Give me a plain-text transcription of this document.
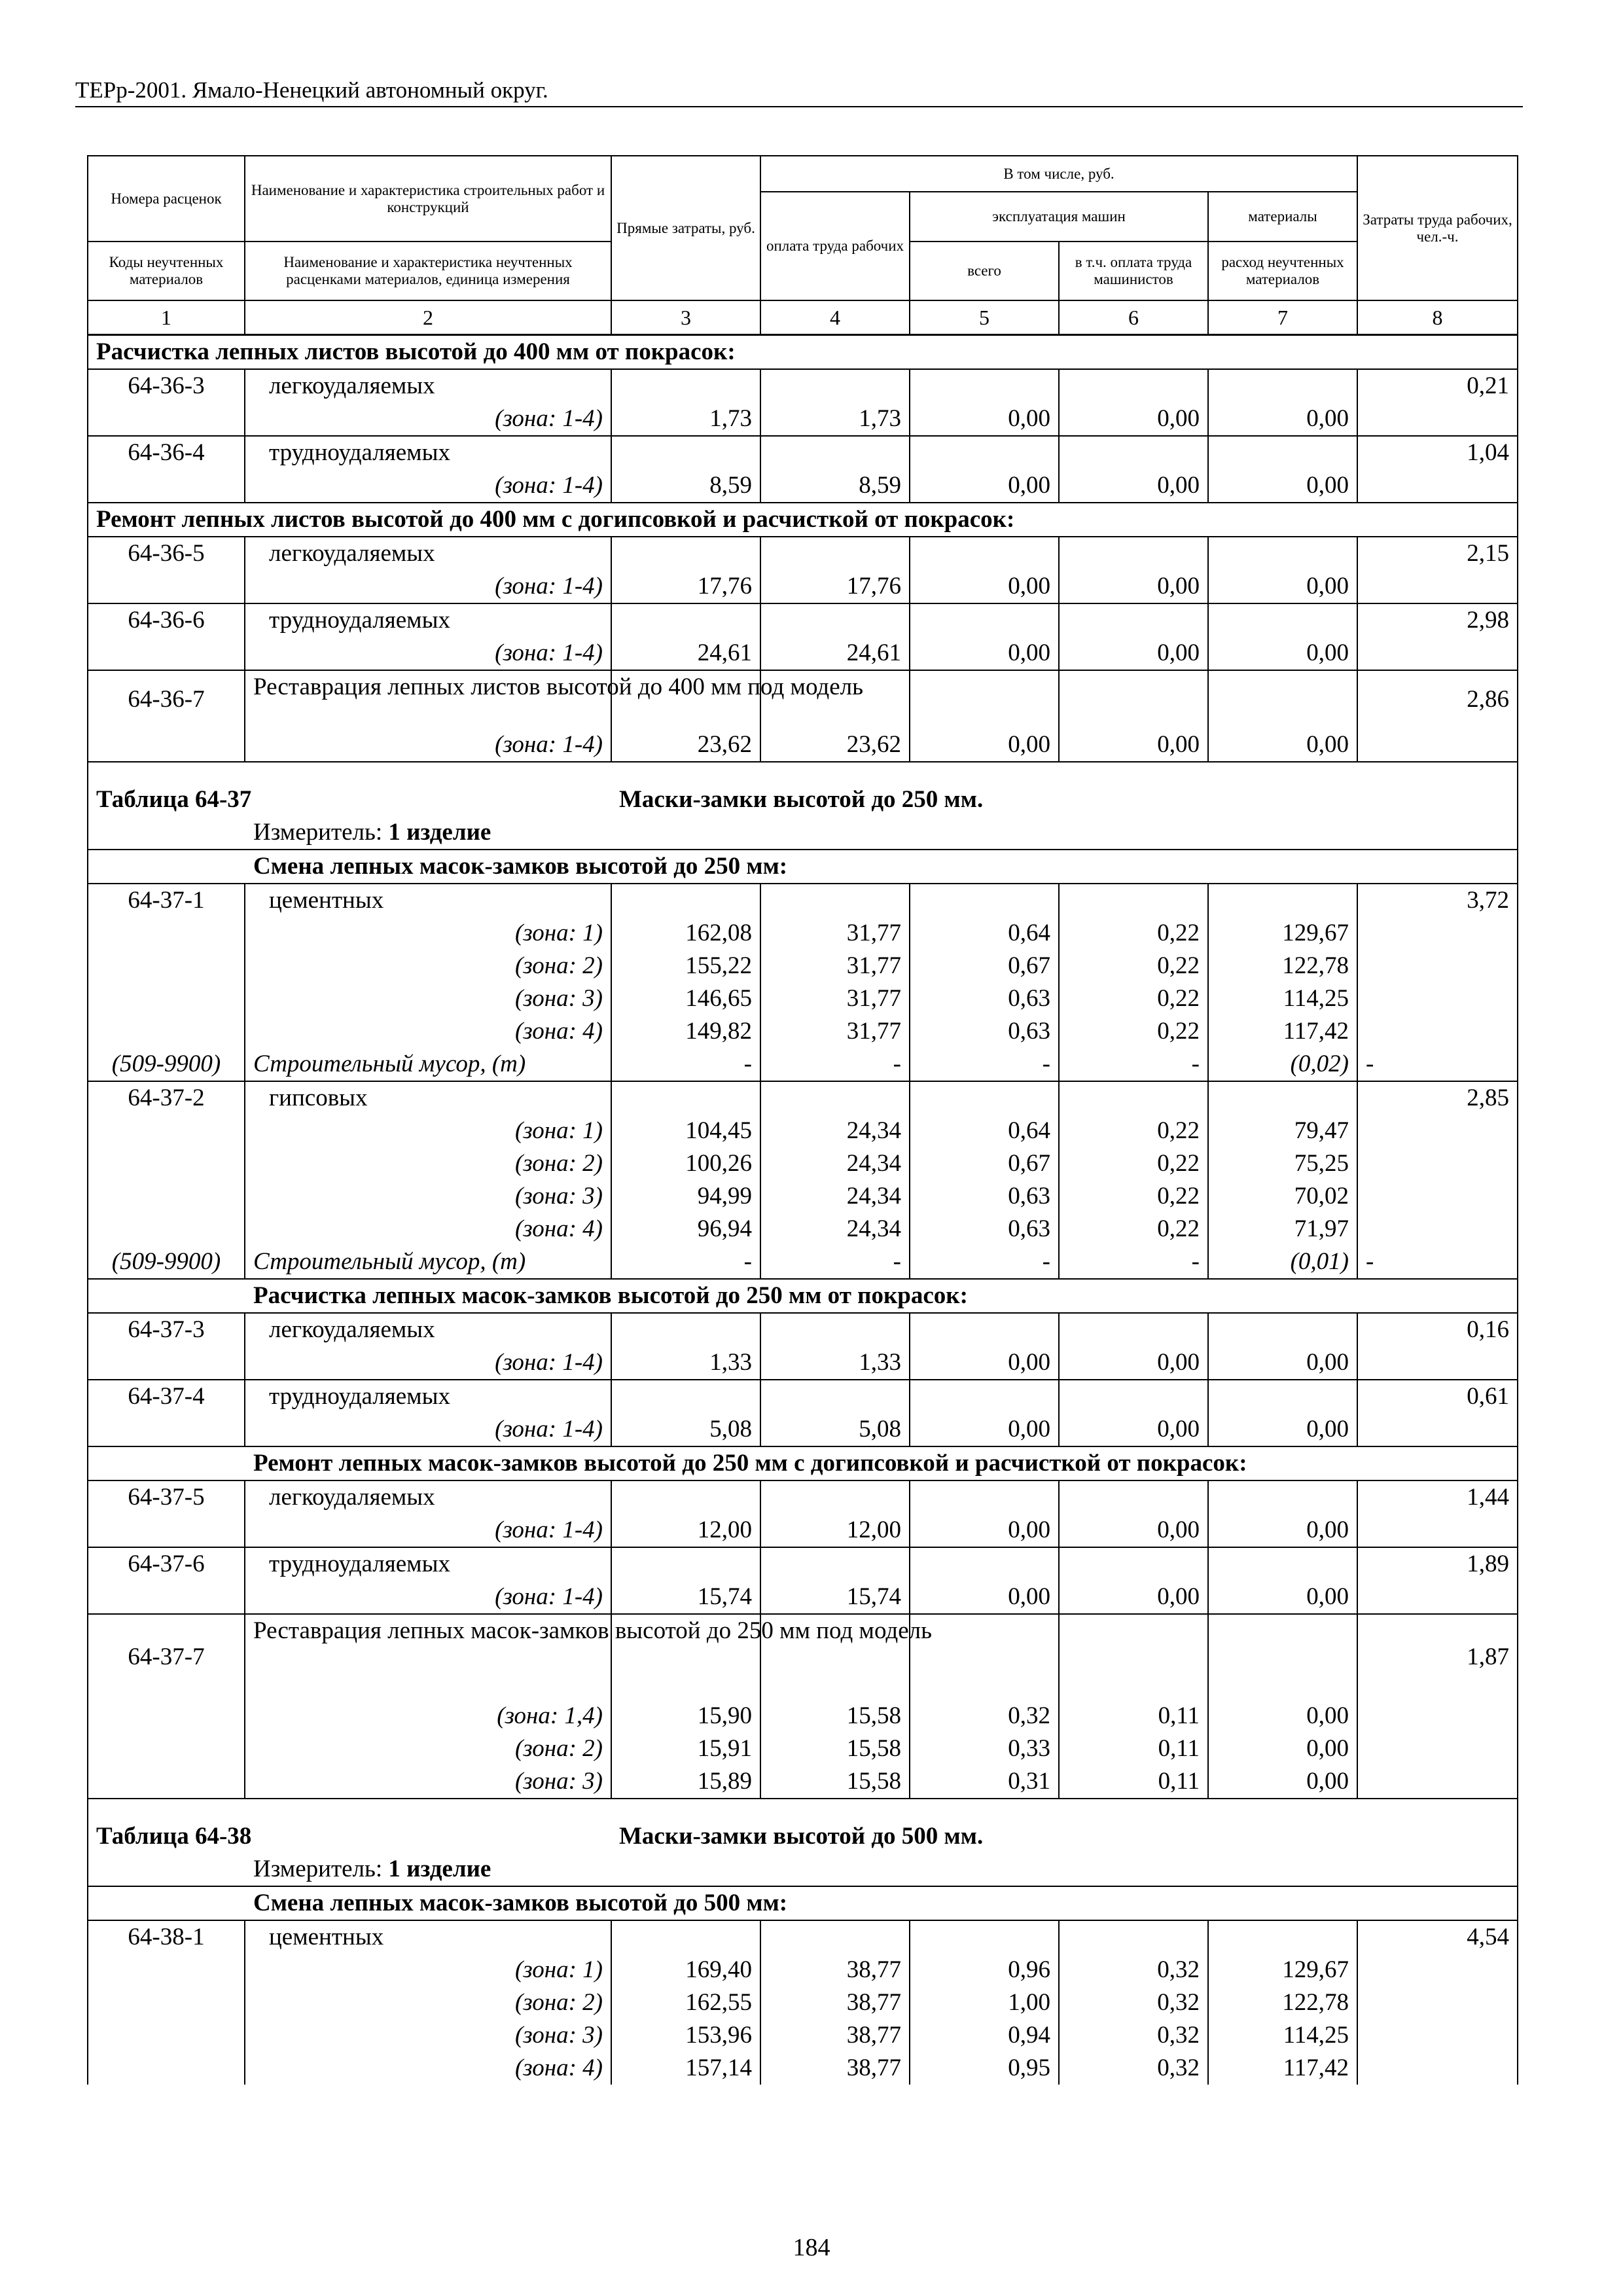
ТЕРр-2001. Ямало-Ненецкий автономный округ.
Номера расценок	Наименование и характеристика строительных работ и конструкций	Прямые затраты, руб.	В том числе, руб.				Затраты труда рабочих, чел.-ч.
			оплата труда рабочих	эксплуатация машин		материалы	
Коды неучтенных материалов	Наименование и характеристика неучтенных расценками материалов, единица измерения			всего	в т.ч. оплата труда машинистов	расход неучтенных материалов	

1	2	3	4	5	6	7	8
Расчистка лепных листов высотой до 400 мм от покрасок:							
64-36-3	легкоудаляемых						0,21
	(зона: 1-4)	1,73	1,73	0,00	0,00	0,00	
64-36-4	трудноудаляемых						1,04
	(зона: 1-4)	8,59	8,59	0,00	0,00	0,00	
Ремонт лепных листов высотой до 400 мм с догипсовкой и расчисткой от покрасок:							
64-36-5	легкоудаляемых						2,15
	(зона: 1-4)	17,76	17,76	0,00	0,00	0,00	
64-36-6	трудноудаляемых						2,98
	(зона: 1-4)	24,61	24,61	0,00	0,00	0,00	
64-36-7	Реставрация лепных листов высотой до 400 мм под модель						2,86
	(зона: 1-4)	23,62	23,62	0,00	0,00	0,00	
Таблица 64-37		Маски-замки высотой до 250 мм.					
Измеритель: 1 изделие							
Смена лепных масок-замков высотой до 250 мм:							
64-37-1	цементных						3,72
	(зона: 1)	162,08	31,77	0,64	0,22	129,67	
	(зона: 2)	155,22	31,77	0,67	0,22	122,78	
	(зона: 3)	146,65	31,77	0,63	0,22	114,25	
	(зона: 4)	149,82	31,77	0,63	0,22	117,42	
(509-9900)	Строительный мусор, (т)	-	-	-	-	(0,02)	-
64-37-2	гипсовых						2,85
	(зона: 1)	104,45	24,34	0,64	0,22	79,47	
	(зона: 2)	100,26	24,34	0,67	0,22	75,25	
	(зона: 3)	94,99	24,34	0,63	0,22	70,02	
	(зона: 4)	96,94	24,34	0,63	0,22	71,97	
(509-9900)	Строительный мусор, (т)	-	-	-	-	(0,01)	-
Расчистка лепных масок-замков высотой до 250 мм от покрасок:							
64-37-3	легкоудаляемых						0,16
	(зона: 1-4)	1,33	1,33	0,00	0,00	0,00	
64-37-4	трудноудаляемых						0,61
	(зона: 1-4)	5,08	5,08	0,00	0,00	0,00	
Ремонт лепных масок-замков высотой до 250 мм с догипсовкой и расчисткой от покрасок:							
64-37-5	легкоудаляемых						1,44
	(зона: 1-4)	12,00	12,00	0,00	0,00	0,00	
64-37-6	трудноудаляемых						1,89
	(зона: 1-4)	15,74	15,74	0,00	0,00	0,00	
64-37-7	Реставрация лепных масок-замков высотой до 250 мм под модель						1,87
	(зона: 1,4)	15,90	15,58	0,32	0,11	0,00	
	(зона: 2)	15,91	15,58	0,33	0,11	0,00	
	(зона: 3)	15,89	15,58	0,31	0,11	0,00	
Таблица 64-38		Маски-замки высотой до 500 мм.					
Измеритель: 1 изделие							
Смена лепных масок-замков высотой до 500 мм:							
64-38-1	цементных						4,54
	(зона: 1)	169,40	38,77	0,96	0,32	129,67	
	(зона: 2)	162,55	38,77	1,00	0,32	122,78	
	(зона: 3)	153,96	38,77	0,94	0,32	114,25	
	(зона: 4)	157,14	38,77	0,95	0,32	117,42	
184
